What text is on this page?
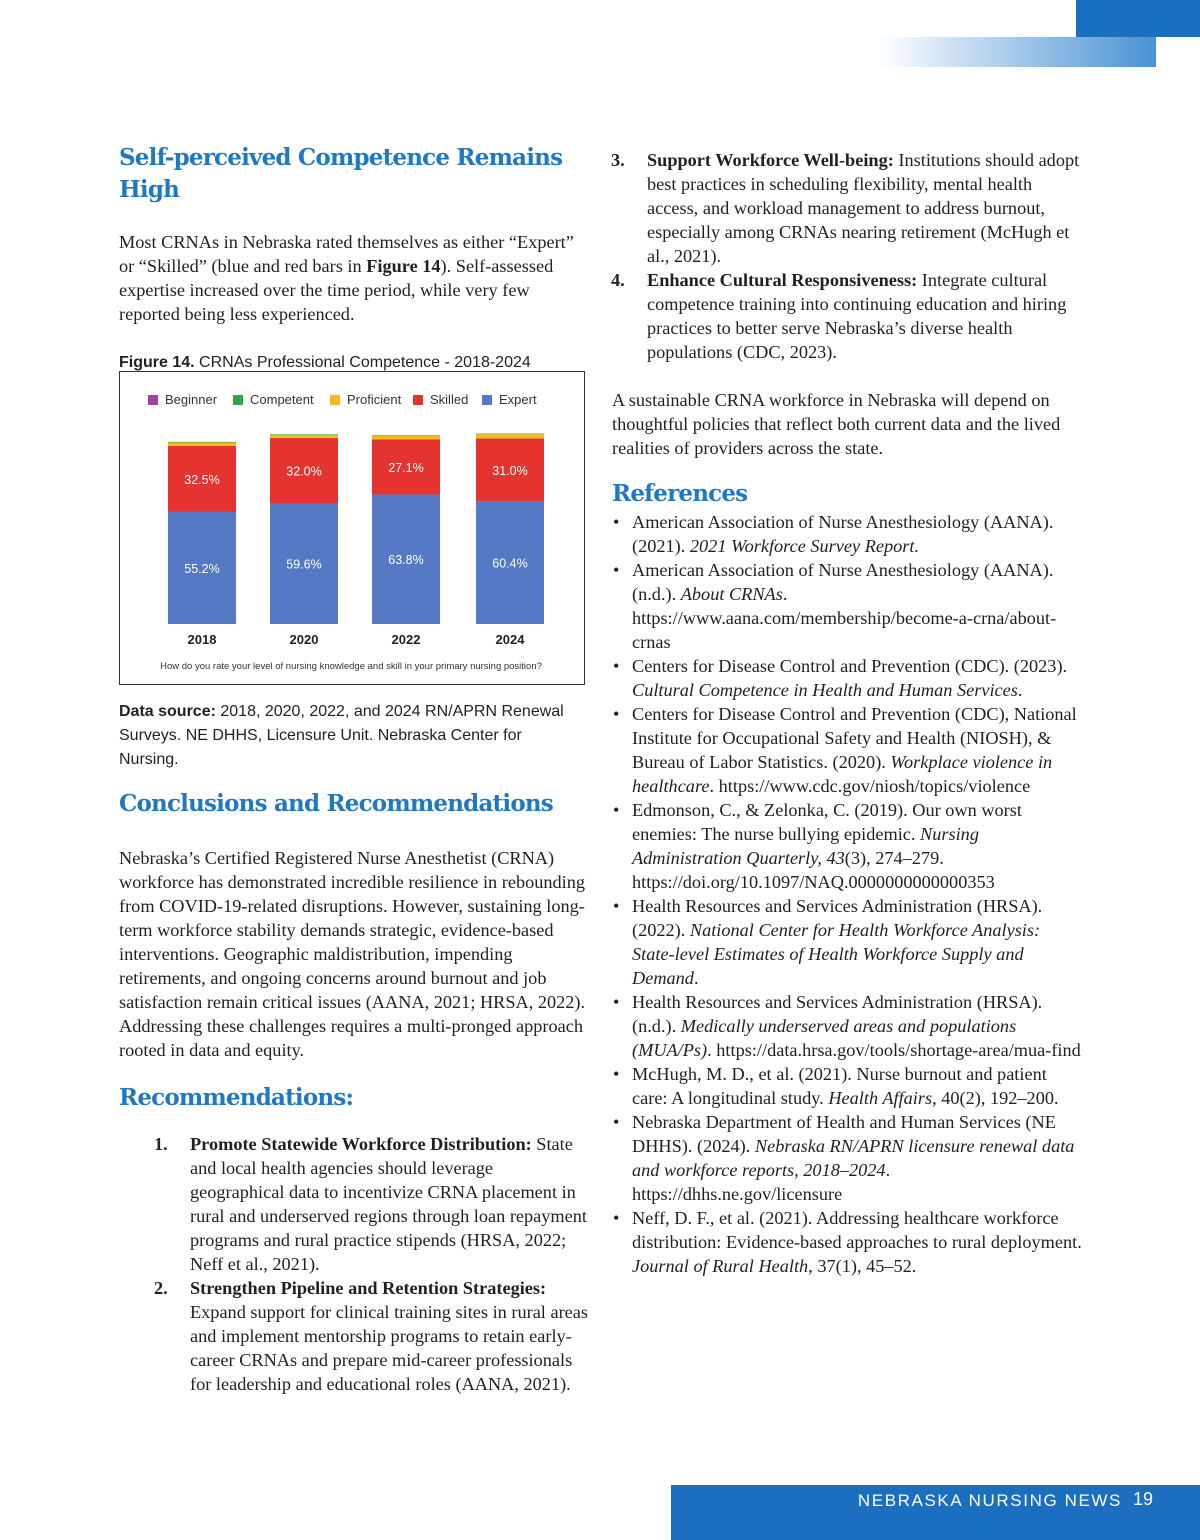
Self-perceived Competence Remains High

Most CRNAs in Nebraska rated themselves as either “Expert” or “Skilled” (blue and red bars in Figure 14). Self-assessed expertise increased over the time period, while very few reported being less experienced.

Figure 14. CRNAs Professional Competence - 2018-2024
Beginner	Competent	Proficient Skilled Expert
55.2%
32.5%
2018
59.6%
32.0%
2020
63.8%
27.1%
2022
60.4%
31.0%
2024
How do you rate your level of nursing knowledge and skill in your primary nursing position?
Data source: 2018, 2020, 2022, and 2024 RN/APRN Renewal Surveys. NE DHHS, Licensure Unit. Nebraska Center for Nursing.
Conclusions and Recommendations

Nebraska’s Certified Registered Nurse Anesthetist (CRNA) workforce has demonstrated incredible resilience in rebounding from COVID-19-related disruptions. However, sustaining long-term workforce stability demands strategic, evidence-based interventions. Geographic maldistribution, impending retirements, and ongoing concerns around burnout and job satisfaction remain critical issues (AANA, 2021; HRSA, 2022). Addressing these challenges requires a multi-pronged approach rooted in data and equity.

Recommendations:
1. Promote Statewide Workforce Distribution: State and local health agencies should leverage geographical data to incentivize CRNA placement in rural and underserved regions through loan repayment programs and rural practice stipends (HRSA, 2022; Neff et al., 2021).
2. Strengthen Pipeline and Retention Strategies: Expand support for clinical training sites in rural areas and implement mentorship programs to retain early-career CRNAs and prepare mid-career professionals for leadership and educational roles (AANA, 2021).
3. Support Workforce Well-being: Institutions should adopt best practices in scheduling flexibility, mental health access, and workload management to address burnout, especially among CRNAs nearing retirement (McHugh et al., 2021).
4. Enhance Cultural Responsiveness: Integrate cultural competence training into continuing education and hiring practices to better serve Nebraska’s diverse health populations (CDC, 2023).

A sustainable CRNA workforce in Nebraska will depend on thoughtful policies that reflect both current data and the lived realities of providers across the state.

References
• American Association of Nurse Anesthesiology (AANA). (2021). 2021 Workforce Survey Report.
• American Association of Nurse Anesthesiology (AANA). (n.d.). About CRNAs. https://www.aana.com/membership/become-a-crna/about-crnas
• Centers for Disease Control and Prevention (CDC). (2023). Cultural Competence in Health and Human Services.
• Centers for Disease Control and Prevention (CDC), National Institute for Occupational Safety and Health (NIOSH), & Bureau of Labor Statistics. (2020). Workplace violence in healthcare. https://www.cdc.gov/niosh/topics/violence
• Edmonson, C., & Zelonka, C. (2019). Our own worst enemies: The nurse bullying epidemic. Nursing Administration Quarterly, 43(3), 274–279. https://doi.org/10.1097/NAQ.0000000000000353
• Health Resources and Services Administration (HRSA). (2022). National Center for Health Workforce Analysis: State-level Estimates of Health Workforce Supply and Demand.
• Health Resources and Services Administration (HRSA). (n.d.). Medically underserved areas and populations (MUA/Ps). https://data.hrsa.gov/tools/shortage-area/mua-find
• McHugh, M. D., et al. (2021). Nurse burnout and patient care: A longitudinal study. Health Affairs, 40(2), 192–200.
• Nebraska Department of Health and Human Services (NE DHHS). (2024). Nebraska RN/APRN licensure renewal data and workforce reports, 2018–2024. https://dhhs.ne.gov/licensure
• Neff, D. F., et al. (2021). Addressing healthcare workforce distribution: Evidence-based approaches to rural deployment. Journal of Rural Health, 37(1), 45–52.
NEBRASKA NURSING NEWS 19
